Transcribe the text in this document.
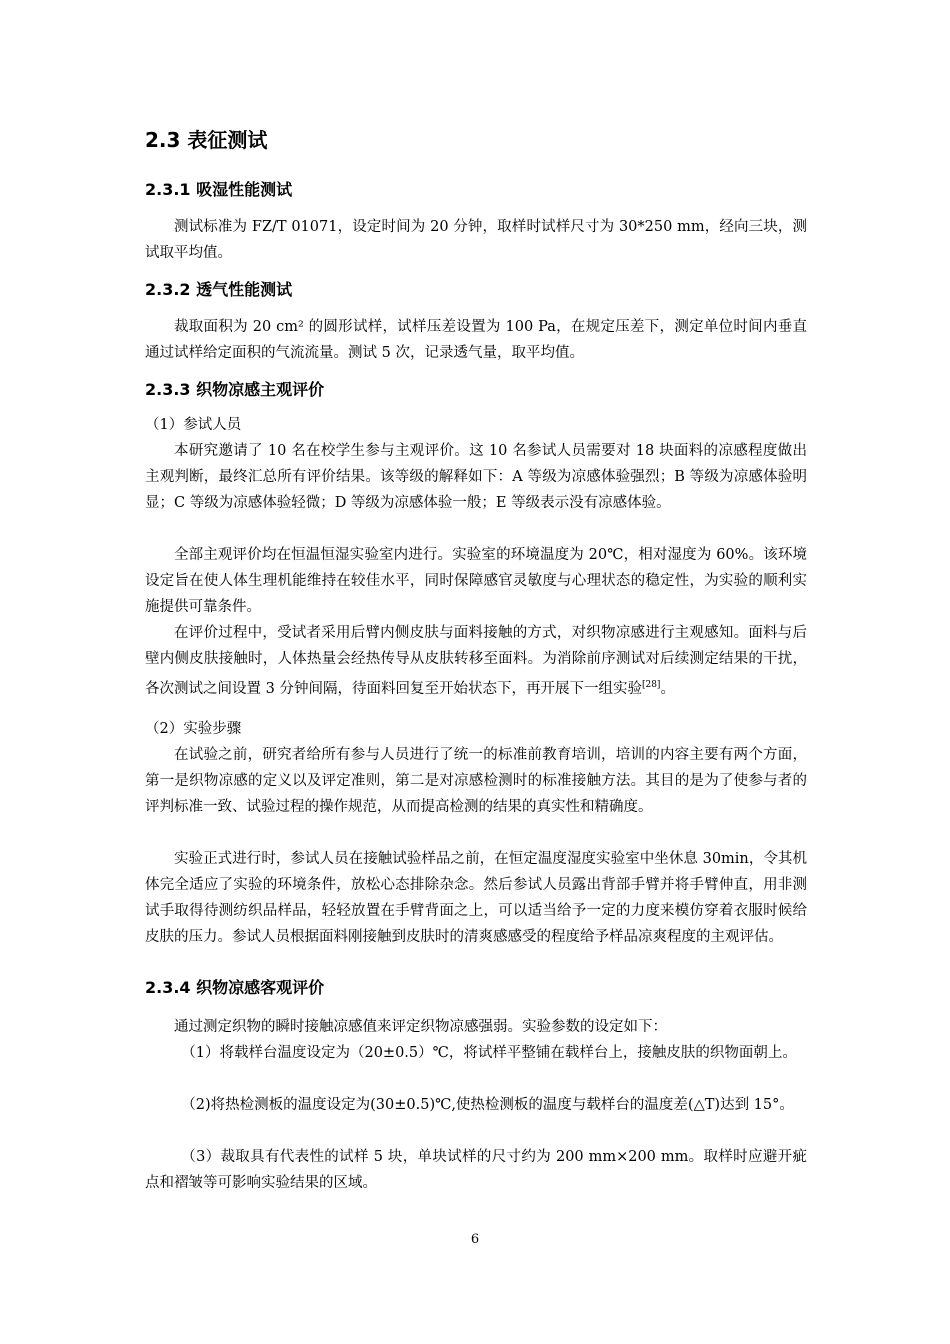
2.3 表征测试
2.3.1 吸湿性能测试
测试标准为 FZ/T 01071，设定时间为 20 分钟，取样时试样尺寸为 30*250 mm，经向三块，测试取平均值。
2.3.2 透气性能测试
裁取面积为 20 cm² 的圆形试样，试样压差设置为 100 Pa，在规定压差下，测定单位时间内垂直通过试样给定面积的气流流量。测试 5 次，记录透气量，取平均值。
2.3.3 织物凉感主观评价
（1）参试人员
本研究邀请了 10 名在校学生参与主观评价。这 10 名参试人员需要对 18 块面料的凉感程度做出主观判断，最终汇总所有评价结果。该等级的解释如下：A 等级为凉感体验强烈；B 等级为凉感体验明显；C 等级为凉感体验轻微；D 等级为凉感体验一般；E 等级表示没有凉感体验。
全部主观评价均在恒温恒湿实验室内进行。实验室的环境温度为 20℃，相对湿度为 60%。该环境设定旨在使人体生理机能维持在较佳水平，同时保障感官灵敏度与心理状态的稳定性，为实验的顺利实施提供可靠条件。
在评价过程中，受试者采用后臂内侧皮肤与面料接触的方式，对织物凉感进行主观感知。面料与后壁内侧皮肤接触时，人体热量会经热传导从皮肤转移至面料。为消除前序测试对后续测定结果的干扰，各次测试之间设置 3 分钟间隔，待面料回复至开始状态下，再开展下一组实验[28]。
（2）实验步骤
在试验之前，研究者给所有参与人员进行了统一的标准前教育培训，培训的内容主要有两个方面，第一是织物凉感的定义以及评定准则，第二是对凉感检测时的标准接触方法。其目的是为了使参与者的评判标准一致、试验过程的操作规范，从而提高检测的结果的真实性和精确度。
实验正式进行时，参试人员在接触试验样品之前，在恒定温度湿度实验室中坐休息 30min，令其机体完全适应了实验的环境条件，放松心态排除杂念。然后参试人员露出背部手臂并将手臂伸直，用非测试手取得待测纺织品样品，轻轻放置在手臂背面之上，可以适当给予一定的力度来模仿穿着衣服时候给皮肤的压力。参试人员根据面料刚接触到皮肤时的清爽感感受的程度给予样品凉爽程度的主观评估。
2.3.4 织物凉感客观评价
通过测定织物的瞬时接触凉感值来评定织物凉感强弱。实验参数的设定如下：
（1）将载样台温度设定为（20±0.5）℃，将试样平整铺在载样台上，接触皮肤的织物面朝上。
（2)将热检测板的温度设定为(30±0.5)℃,使热检测板的温度与载样台的温度差(△T)达到 15°。
（3）裁取具有代表性的试样 5 块，单块试样的尺寸约为 200 mm×200 mm。取样时应避开疵点和褶皱等可影响实验结果的区域。
6
